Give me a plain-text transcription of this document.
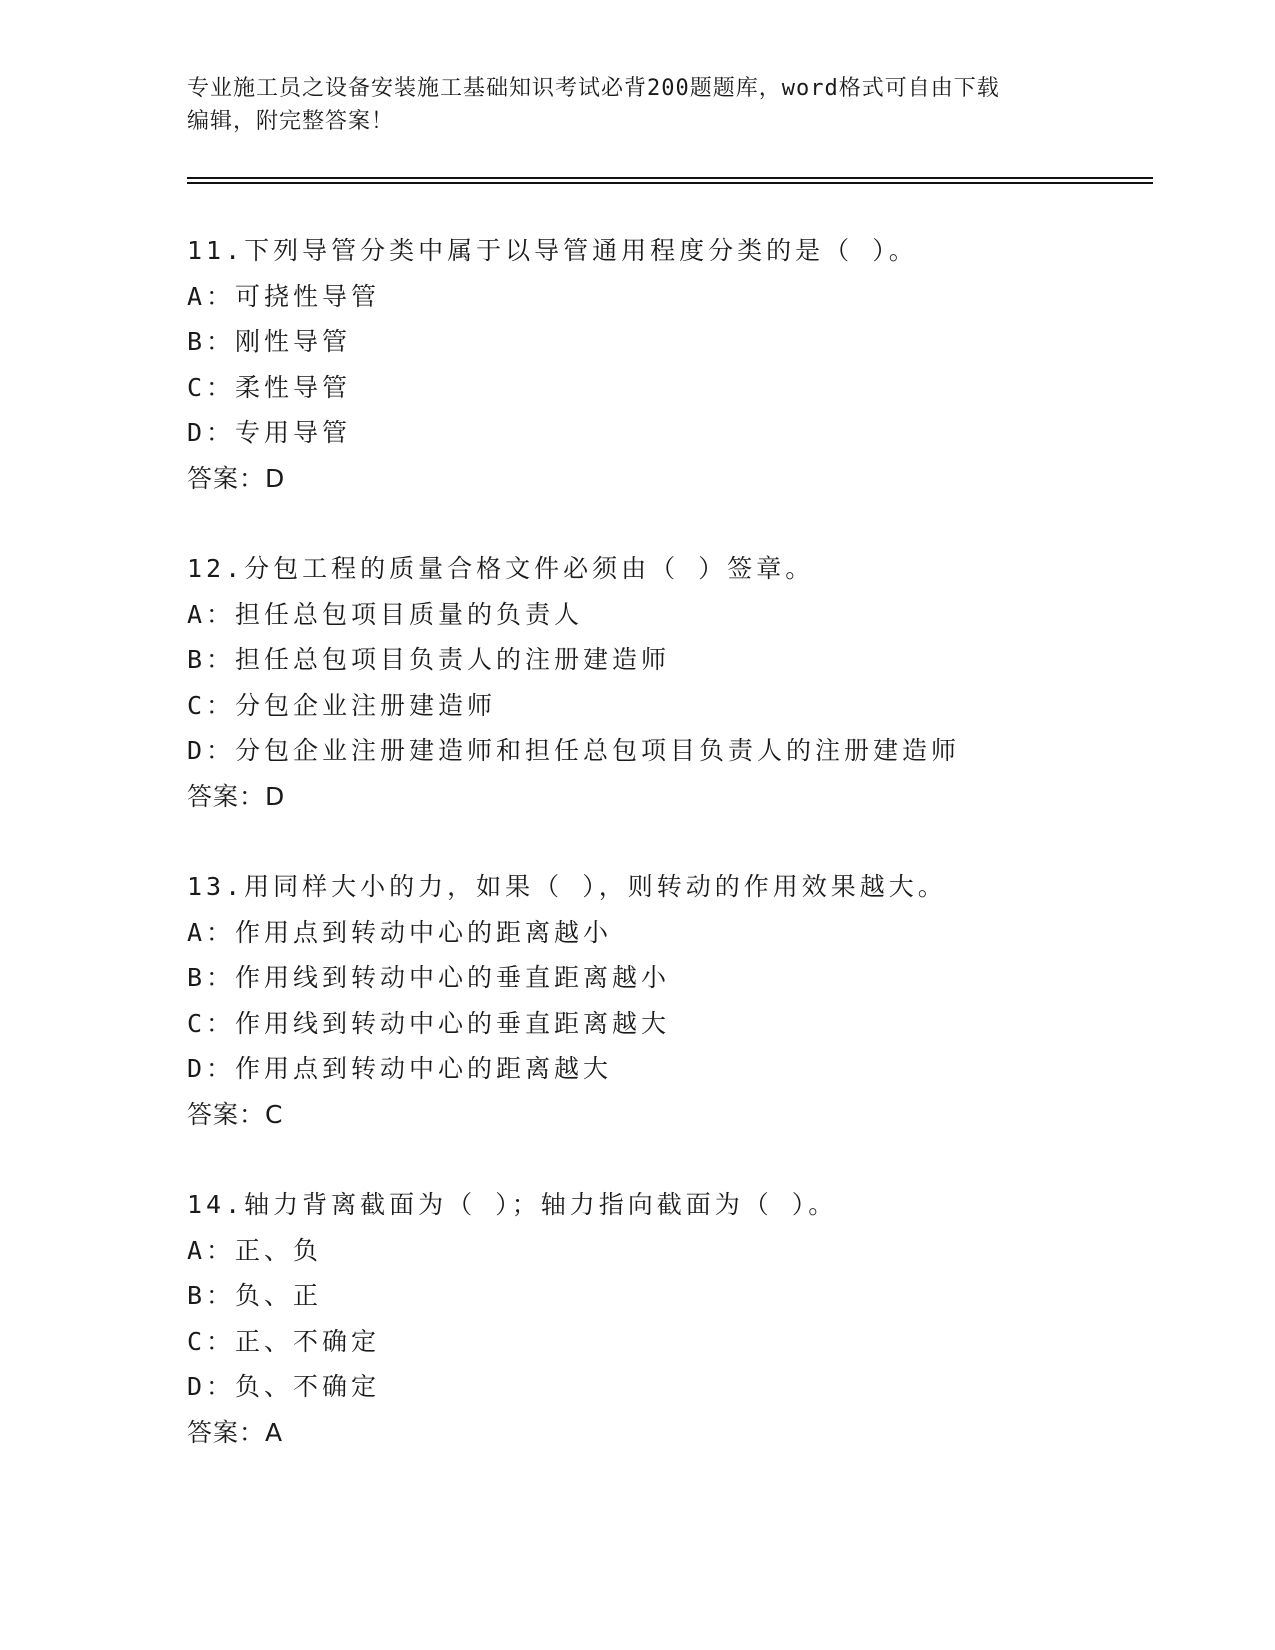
专业施工员之设备安装施工基础知识考试必背200题题库，word格式可自由下载
编辑，附完整答案！
11.下列导管分类中属于以导管通用程度分类的是（ ）。
A：可挠性导管
B：刚性导管
C：柔性导管
D：专用导管
答案：D
12.分包工程的质量合格文件必须由（ ）签章。
A：担任总包项目质量的负责人
B：担任总包项目负责人的注册建造师
C：分包企业注册建造师
D：分包企业注册建造师和担任总包项目负责人的注册建造师
答案：D
13.用同样大小的力，如果（ ），则转动的作用效果越大。
A：作用点到转动中心的距离越小
B：作用线到转动中心的垂直距离越小
C：作用线到转动中心的垂直距离越大
D：作用点到转动中心的距离越大
答案：C
14.轴力背离截面为（ ）；轴力指向截面为（ ）。
A：正、负
B：负、正
C：正、不确定
D：负、不确定
答案：A
